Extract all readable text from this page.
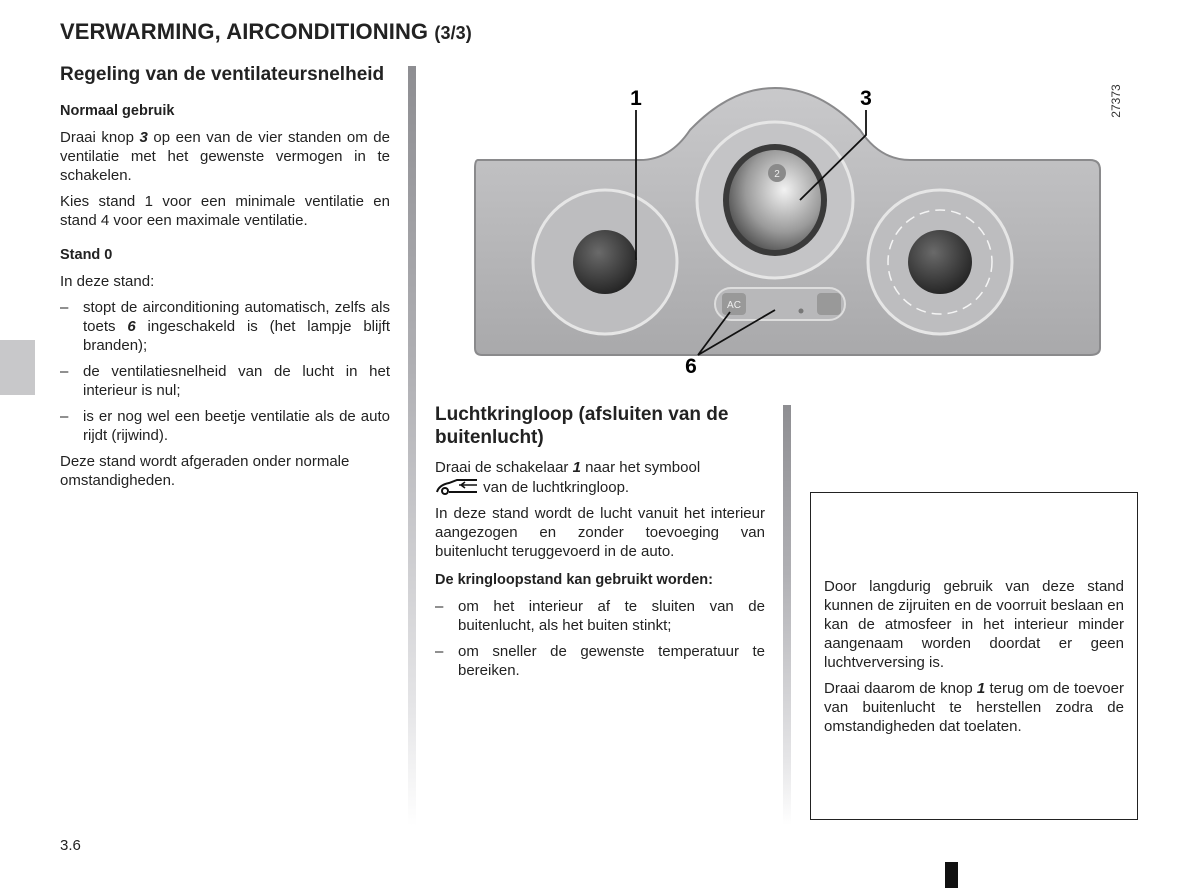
VERWARMING, AIRCONDITIONING (3/3)
Regeling van de ventilateursnelheid
Normaal gebruik

Draai knop 3 op een van de vier standen om de ventilatie met het gewenste vermogen in te schakelen.

Kies stand 1 voor een minimale ventilatie en stand 4 voor een maximale ventilatie.

Stand 0

In deze stand:

– stopt de airconditioning automatisch, zelfs als toets 6 ingeschakeld is (het lampje blijft branden);
– de ventilatiesnelheid van de lucht in het interieur is nul;
– is er nog wel een beetje ventilatie als de auto rijdt (rijwind).

Deze stand wordt afgeraden onder normale omstandigheden.

2
AC
1	3
6
27373
Luchtkringloop (afsluiten van de buitenlucht)

Draai de schakelaar 1 naar het symbool

van de luchtkringloop.

In deze stand wordt de lucht vanuit het interieur aangezogen en zonder toevoeging van buitenlucht teruggevoerd in de auto.

De kringloopstand kan gebruikt worden:
– om het interieur af te sluiten van de buitenlucht, als het buiten stinkt;
– om sneller de gewenste temperatuur te bereiken.

Door langdurig gebruik van deze stand kunnen de zijruiten en de voorruit beslaan en kan de atmosfeer in het interieur minder aangenaam worden doordat er geen luchtverversing is.

Draai daarom de knop 1 terug om de toevoer van buitenlucht te herstellen zodra de omstandigheden dat toelaten.

3.6
